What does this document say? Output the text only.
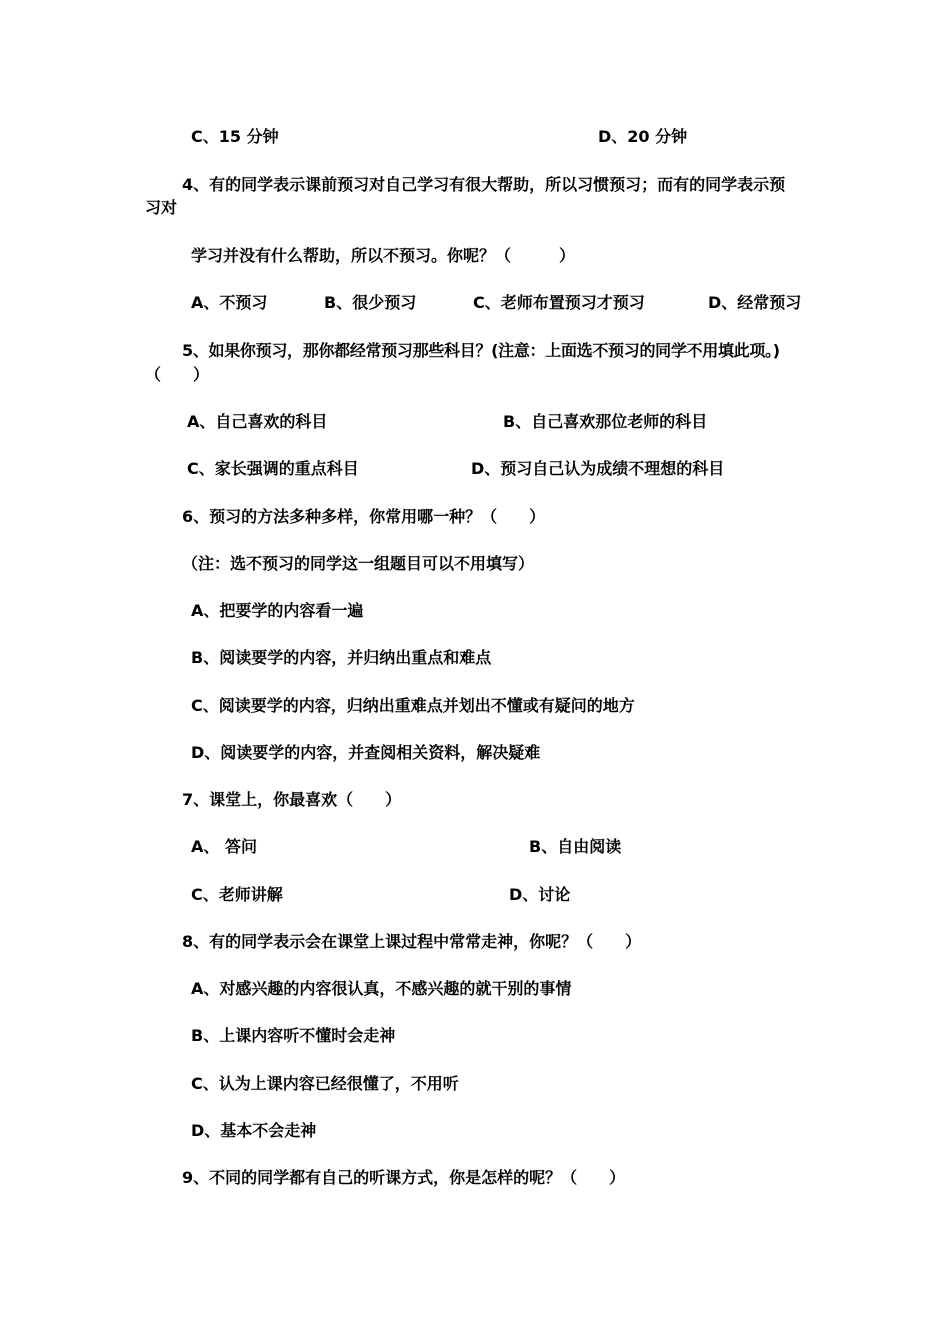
C、15 分钟	D、20 分钟
4、有的同学表示课前预习对自己学习有很大帮助，所以习惯预习；而有的同学表示预
习对
学习并没有什么帮助，所以不预习。你呢？（　　　）
A、不预习	B、很少预习	C、老师布置预习才预习	D、经常预习
5、如果你预习，那你都经常预习那些科目？(注意：上面选不预习的同学不用填此项。)
（　　）
A、自己喜欢的科目	B、自己喜欢那位老师的科目
C、家长强调的重点科目	D、预习自己认为成绩不理想的科目
6、预习的方法多种多样，你常用哪一种？（　　）
（注：选不预习的同学这一组题目可以不用填写）
A、把要学的内容看一遍
B、阅读要学的内容，并归纳出重点和难点
C、阅读要学的内容，归纳出重难点并划出不懂或有疑问的地方
D、阅读要学的内容，并查阅相关资料，解决疑难
7、课堂上，你最喜欢（　　）
A、 答问	B、自由阅读
C、老师讲解	D、讨论
8、有的同学表示会在课堂上课过程中常常走神，你呢？（　　）
A、对感兴趣的内容很认真，不感兴趣的就干别的事情
B、上课内容听不懂时会走神
C、认为上课内容已经很懂了，不用听
D、基本不会走神
9、不同的同学都有自己的听课方式，你是怎样的呢？（　　）
